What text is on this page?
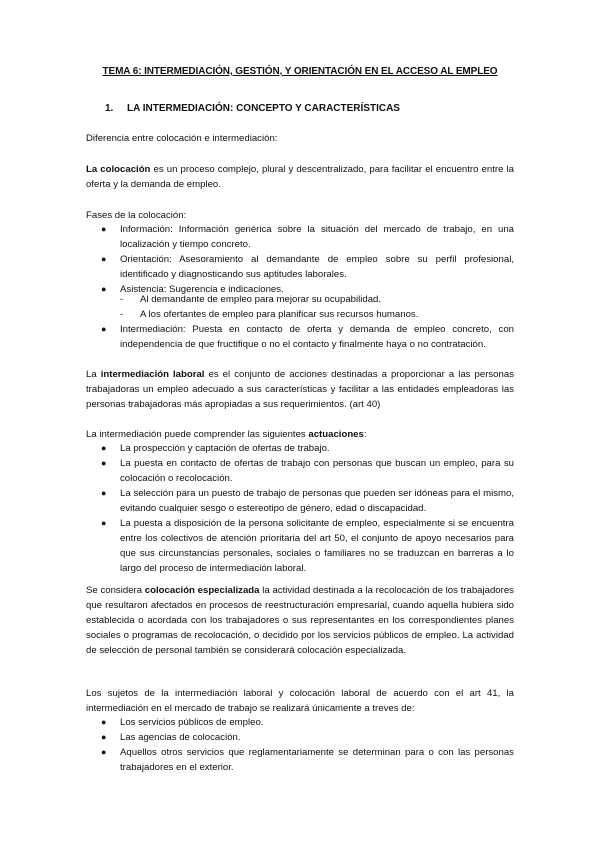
TEMA 6: INTERMEDIACIÓN, GESTIÓN, Y ORIENTACIÓN EN EL ACCESO AL EMPLEO
1. LA INTERMEDIACIÓN: CONCEPTO Y CARACTERÍSTICAS
Diferencia entre colocación e intermediación:
La colocación es un proceso complejo, plural y descentralizado, para facilitar el encuentro entre la oferta y la demanda de empleo.
Fases de la colocación:
● Información: Información genérica sobre la situación del mercado de trabajo, en una localización y tiempo concreto.
● Orientación: Asesoramiento al demandante de empleo sobre su perfil profesional, identificado y diagnosticando sus aptitudes laborales.
● Asistencia: Sugerencia e indicaciones.
- Al demandante de empleo para mejorar su ocupabilidad.
- A los ofertantes de empleo para planificar sus recursos humanos.
● Intermediación: Puesta en contacto de oferta y demanda de empleo concreto, con independencia de que fructifique o no el contacto y finalmente haya o no contratación.
La intermediación laboral es el conjunto de acciones destinadas a proporcionar a las personas trabajadoras un empleo adecuado a sus características y facilitar a las entidades empleadoras las personas trabajadoras más apropiadas a sus requerimientos. (art 40)
La intermediación puede comprender las siguientes actuaciones:
● La prospección y captación de ofertas de trabajo.
● La puesta en contacto de ofertas de trabajo con personas que buscan un empleo, para su colocación o recolocación.
● La selección para un puesto de trabajo de personas que pueden ser idóneas para el mismo, evitando cualquier sesgo o estereotipo de género, edad o discapacidad.
● La puesta a disposición de la persona solicitante de empleo, especialmente si se encuentra entre los colectivos de atención prioritaria del art 50, el conjunto de apoyo necesarios para que sus circunstancias personales, sociales o familiares no se traduzcan en barreras a lo largo del proceso de intermediación laboral.
Se considera colocación especializada la actividad destinada a la recolocación de los trabajadores que resultaron afectados en procesos de reestructuración empresarial, cuando aquella hubiera sido establecida o acordada con los trabajadores o sus representantes en los correspondientes planes sociales o programas de recolocación, o decidido por los servicios públicos de empleo. La actividad de selección de personal también se considerará colocación especializada.
Los sujetos de la intermediación laboral y colocación laboral de acuerdo con el art 41, la intermediación en el mercado de trabajo se realizará únicamente a treves de:
● Los servicios públicos de empleo.
● Las agencias de colocación.
● Aquellos otros servicios que reglamentariamente se determinan para o con las personas trabajadores en el exterior.
